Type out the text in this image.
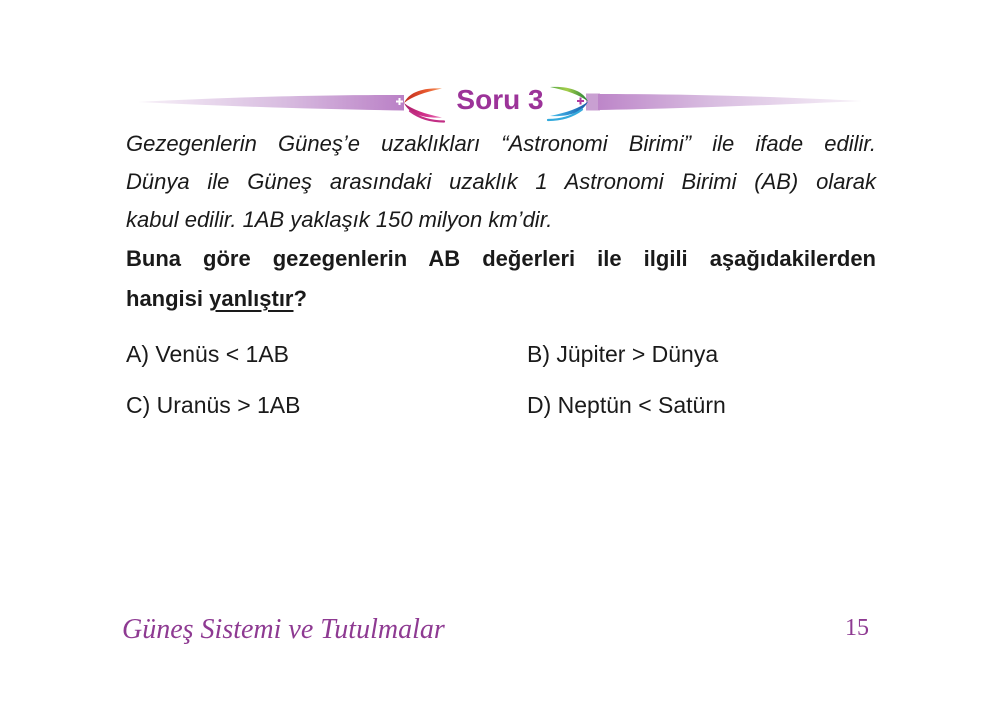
Soru 3
Gezegenlerin Güneş’e uzaklıkları “Astronomi Birimi” ile ifade edilir.
Dünya ile Güneş arasındaki uzaklık 1 Astronomi Birimi (AB) olarak
kabul edilir. 1AB yaklaşık 150 milyon km’dir.
Buna göre gezegenlerin AB değerleri ile ilgili aşağıdakilerden
hangisi yanlıştır?
A) Venüs < 1AB	B) Jüpiter > Dünya
C) Uranüs > 1AB	D) Neptün < Satürn
Güneş Sistemi ve Tutulmalar	15
